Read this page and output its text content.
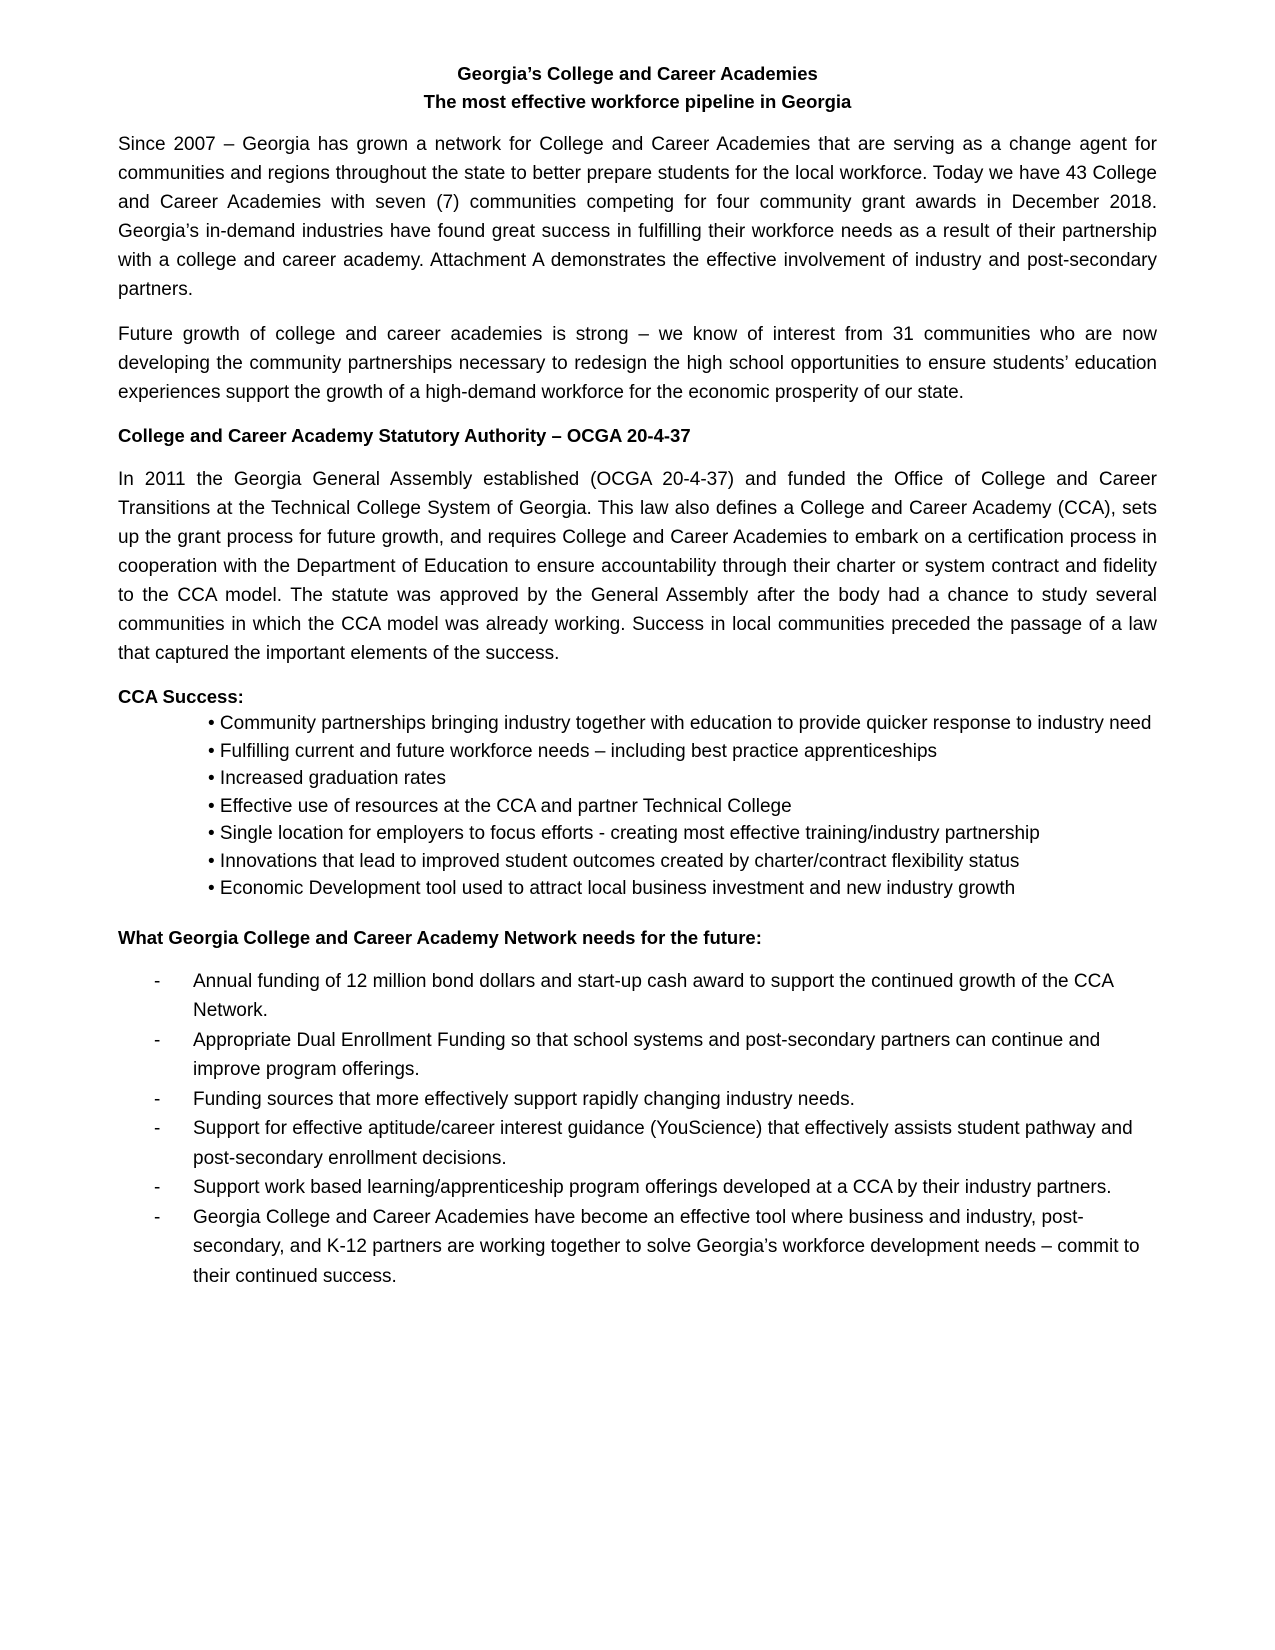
Georgia’s College and Career Academies
The most effective workforce pipeline in Georgia

Since 2007 – Georgia has grown a network for College and Career Academies that are serving as a change agent for communities and regions throughout the state to better prepare students for the local workforce. Today we have 43 College and Career Academies with seven (7) communities competing for four community grant awards in December 2018. Georgia’s in-demand industries have found great success in fulfilling their workforce needs as a result of their partnership with a college and career academy. Attachment A demonstrates the effective involvement of industry and post-secondary partners.

Future growth of college and career academies is strong – we know of interest from 31 communities who are now developing the community partnerships necessary to redesign the high school opportunities to ensure students’ education experiences support the growth of a high-demand workforce for the economic prosperity of our state.

College and Career Academy Statutory Authority – OCGA 20-4-37

In 2011 the Georgia General Assembly established (OCGA 20-4-37) and funded the Office of College and Career Transitions at the Technical College System of Georgia. This law also defines a College and Career Academy (CCA), sets up the grant process for future growth, and requires College and Career Academies to embark on a certification process in cooperation with the Department of Education to ensure accountability through their charter or system contract and fidelity to the CCA model. The statute was approved by the General Assembly after the body had a chance to study several communities in which the CCA model was already working. Success in local communities preceded the passage of a law that captured the important elements of the success.

CCA Success:
• Community partnerships bringing industry together with education to provide quicker response to industry need
• Fulfilling current and future workforce needs – including best practice apprenticeships
• Increased graduation rates
• Effective use of resources at the CCA and partner Technical College
• Single location for employers to focus efforts - creating most effective training/industry partnership
• Innovations that lead to improved student outcomes created by charter/contract flexibility status
• Economic Development tool used to attract local business investment and new industry growth
What Georgia College and Career Academy Network needs for the future:
- Annual funding of 12 million bond dollars and start-up cash award to support the continued growth of the CCA Network.
- Appropriate Dual Enrollment Funding so that school systems and post-secondary partners can continue and improve program offerings.
- Funding sources that more effectively support rapidly changing industry needs.
- Support for effective aptitude/career interest guidance (YouScience) that effectively assists student pathway and post-secondary enrollment decisions.
- Support work based learning/apprenticeship program offerings developed at a CCA by their industry partners.
- Georgia College and Career Academies have become an effective tool where business and industry, post-secondary, and K-12 partners are working together to solve Georgia’s workforce development needs – commit to their continued success.
